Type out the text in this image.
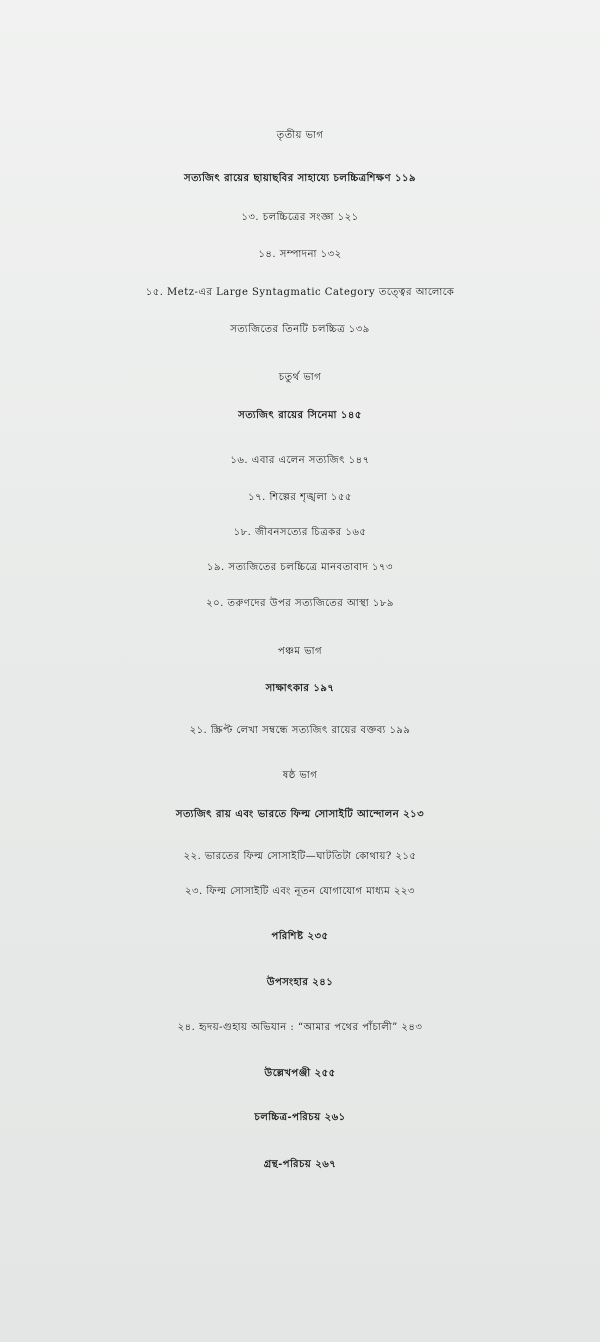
তৃতীয় ভাগ
সত্যজিৎ রায়ের ছায়াছবির সাহায্যে চলচ্চিত্রশিক্ষণ ১১৯
১৩. চলচ্চিত্রের সংজ্ঞা ১২১
১৪. সম্পাদনা ১৩২
১৫. Metz-এর Large Syntagmatic Category তত্ত্বের আলোকে
সত্যজিতের তিনটি চলচ্চিত্র ১৩৯
চতুর্থ ভাগ
সত্যজিৎ রায়ের সিনেমা ১৪৫
১৬. এবার এলেন সত্যজিৎ ১৪৭
১৭. শিল্পের শৃঙ্খলা ১৫৫
১৮. জীবনসত্যের চিত্রকর ১৬৫
১৯. সত্যজিতের চলচ্চিত্রে মানবতাবাদ ১৭৩
২০. তরুণদের উপর সত্যজিতের আস্থা ১৮৯
পঞ্চম ভাগ
সাক্ষাৎকার ১৯৭
২১. স্ক্রিপ্ট লেখা সম্বন্ধে সত্যজিৎ রায়ের বক্তব্য ১৯৯
ষষ্ঠ ভাগ
সত্যজিৎ রায় এবং ভারতে ফিল্ম সোসাইটি আন্দোলন ২১৩
২২. ভারতের ফিল্ম সোসাইটি—ঘাটতিটা কোথায়? ২১৫
২৩. ফিল্ম সোসাইটি এবং নূতন যোগাযোগ মাধ্যম ২২৩
পরিশিষ্ট ২৩৫
উপসংহার ২৪১
২৪. হৃদয়-গুহায় অভিযান : “আমার পথের পাঁচালী” ২৪৩
উল্লেখপঞ্জী ২৫৫
চলচ্চিত্র-পরিচয় ২৬১
গ্রন্থ-পরিচয় ২৬৭
